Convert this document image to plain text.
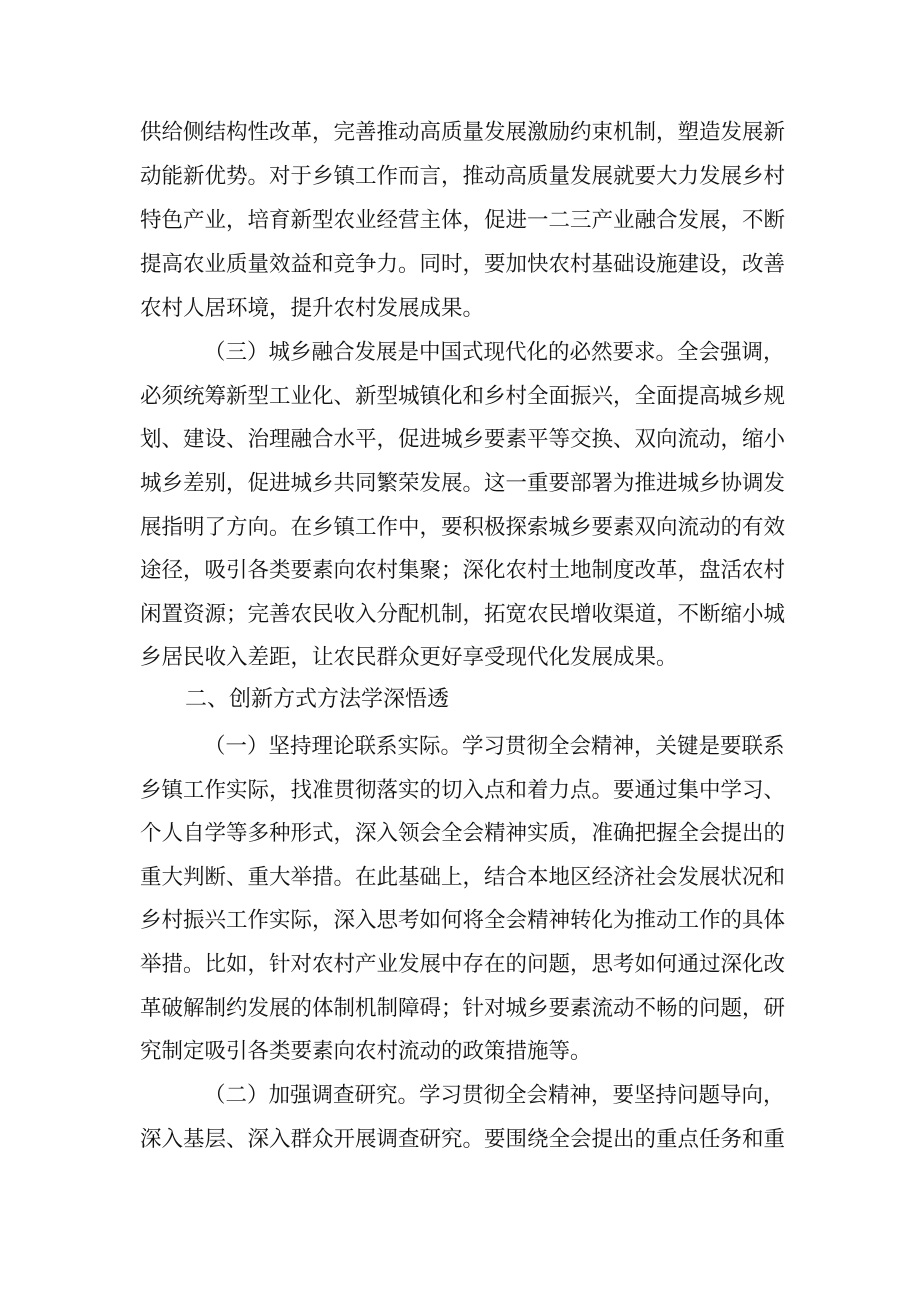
供给侧结构性改革，完善推动高质量发展激励约束机制，塑造发展新
动能新优势。对于乡镇工作而言，推动高质量发展就要大力发展乡村
特色产业，培育新型农业经营主体，促进一二三产业融合发展，不断
提高农业质量效益和竞争力。同时，要加快农村基础设施建设，改善
农村人居环境，提升农村发展成果。
（三）城乡融合发展是中国式现代化的必然要求。全会强调，
必须统筹新型工业化、新型城镇化和乡村全面振兴，全面提高城乡规
划、建设、治理融合水平，促进城乡要素平等交换、双向流动，缩小
城乡差别，促进城乡共同繁荣发展。这一重要部署为推进城乡协调发
展指明了方向。在乡镇工作中，要积极探索城乡要素双向流动的有效
途径，吸引各类要素向农村集聚；深化农村土地制度改革，盘活农村
闲置资源；完善农民收入分配机制，拓宽农民增收渠道，不断缩小城
乡居民收入差距，让农民群众更好享受现代化发展成果。
二、创新方式方法学深悟透
（一）坚持理论联系实际。学习贯彻全会精神，关键是要联系
乡镇工作实际，找准贯彻落实的切入点和着力点。要通过集中学习、
个人自学等多种形式，深入领会全会精神实质，准确把握全会提出的
重大判断、重大举措。在此基础上，结合本地区经济社会发展状况和
乡村振兴工作实际，深入思考如何将全会精神转化为推动工作的具体
举措。比如，针对农村产业发展中存在的问题，思考如何通过深化改
革破解制约发展的体制机制障碍；针对城乡要素流动不畅的问题，研
究制定吸引各类要素向农村流动的政策措施等。
（二）加强调查研究。学习贯彻全会精神，要坚持问题导向，
深入基层、深入群众开展调查研究。要围绕全会提出的重点任务和重
